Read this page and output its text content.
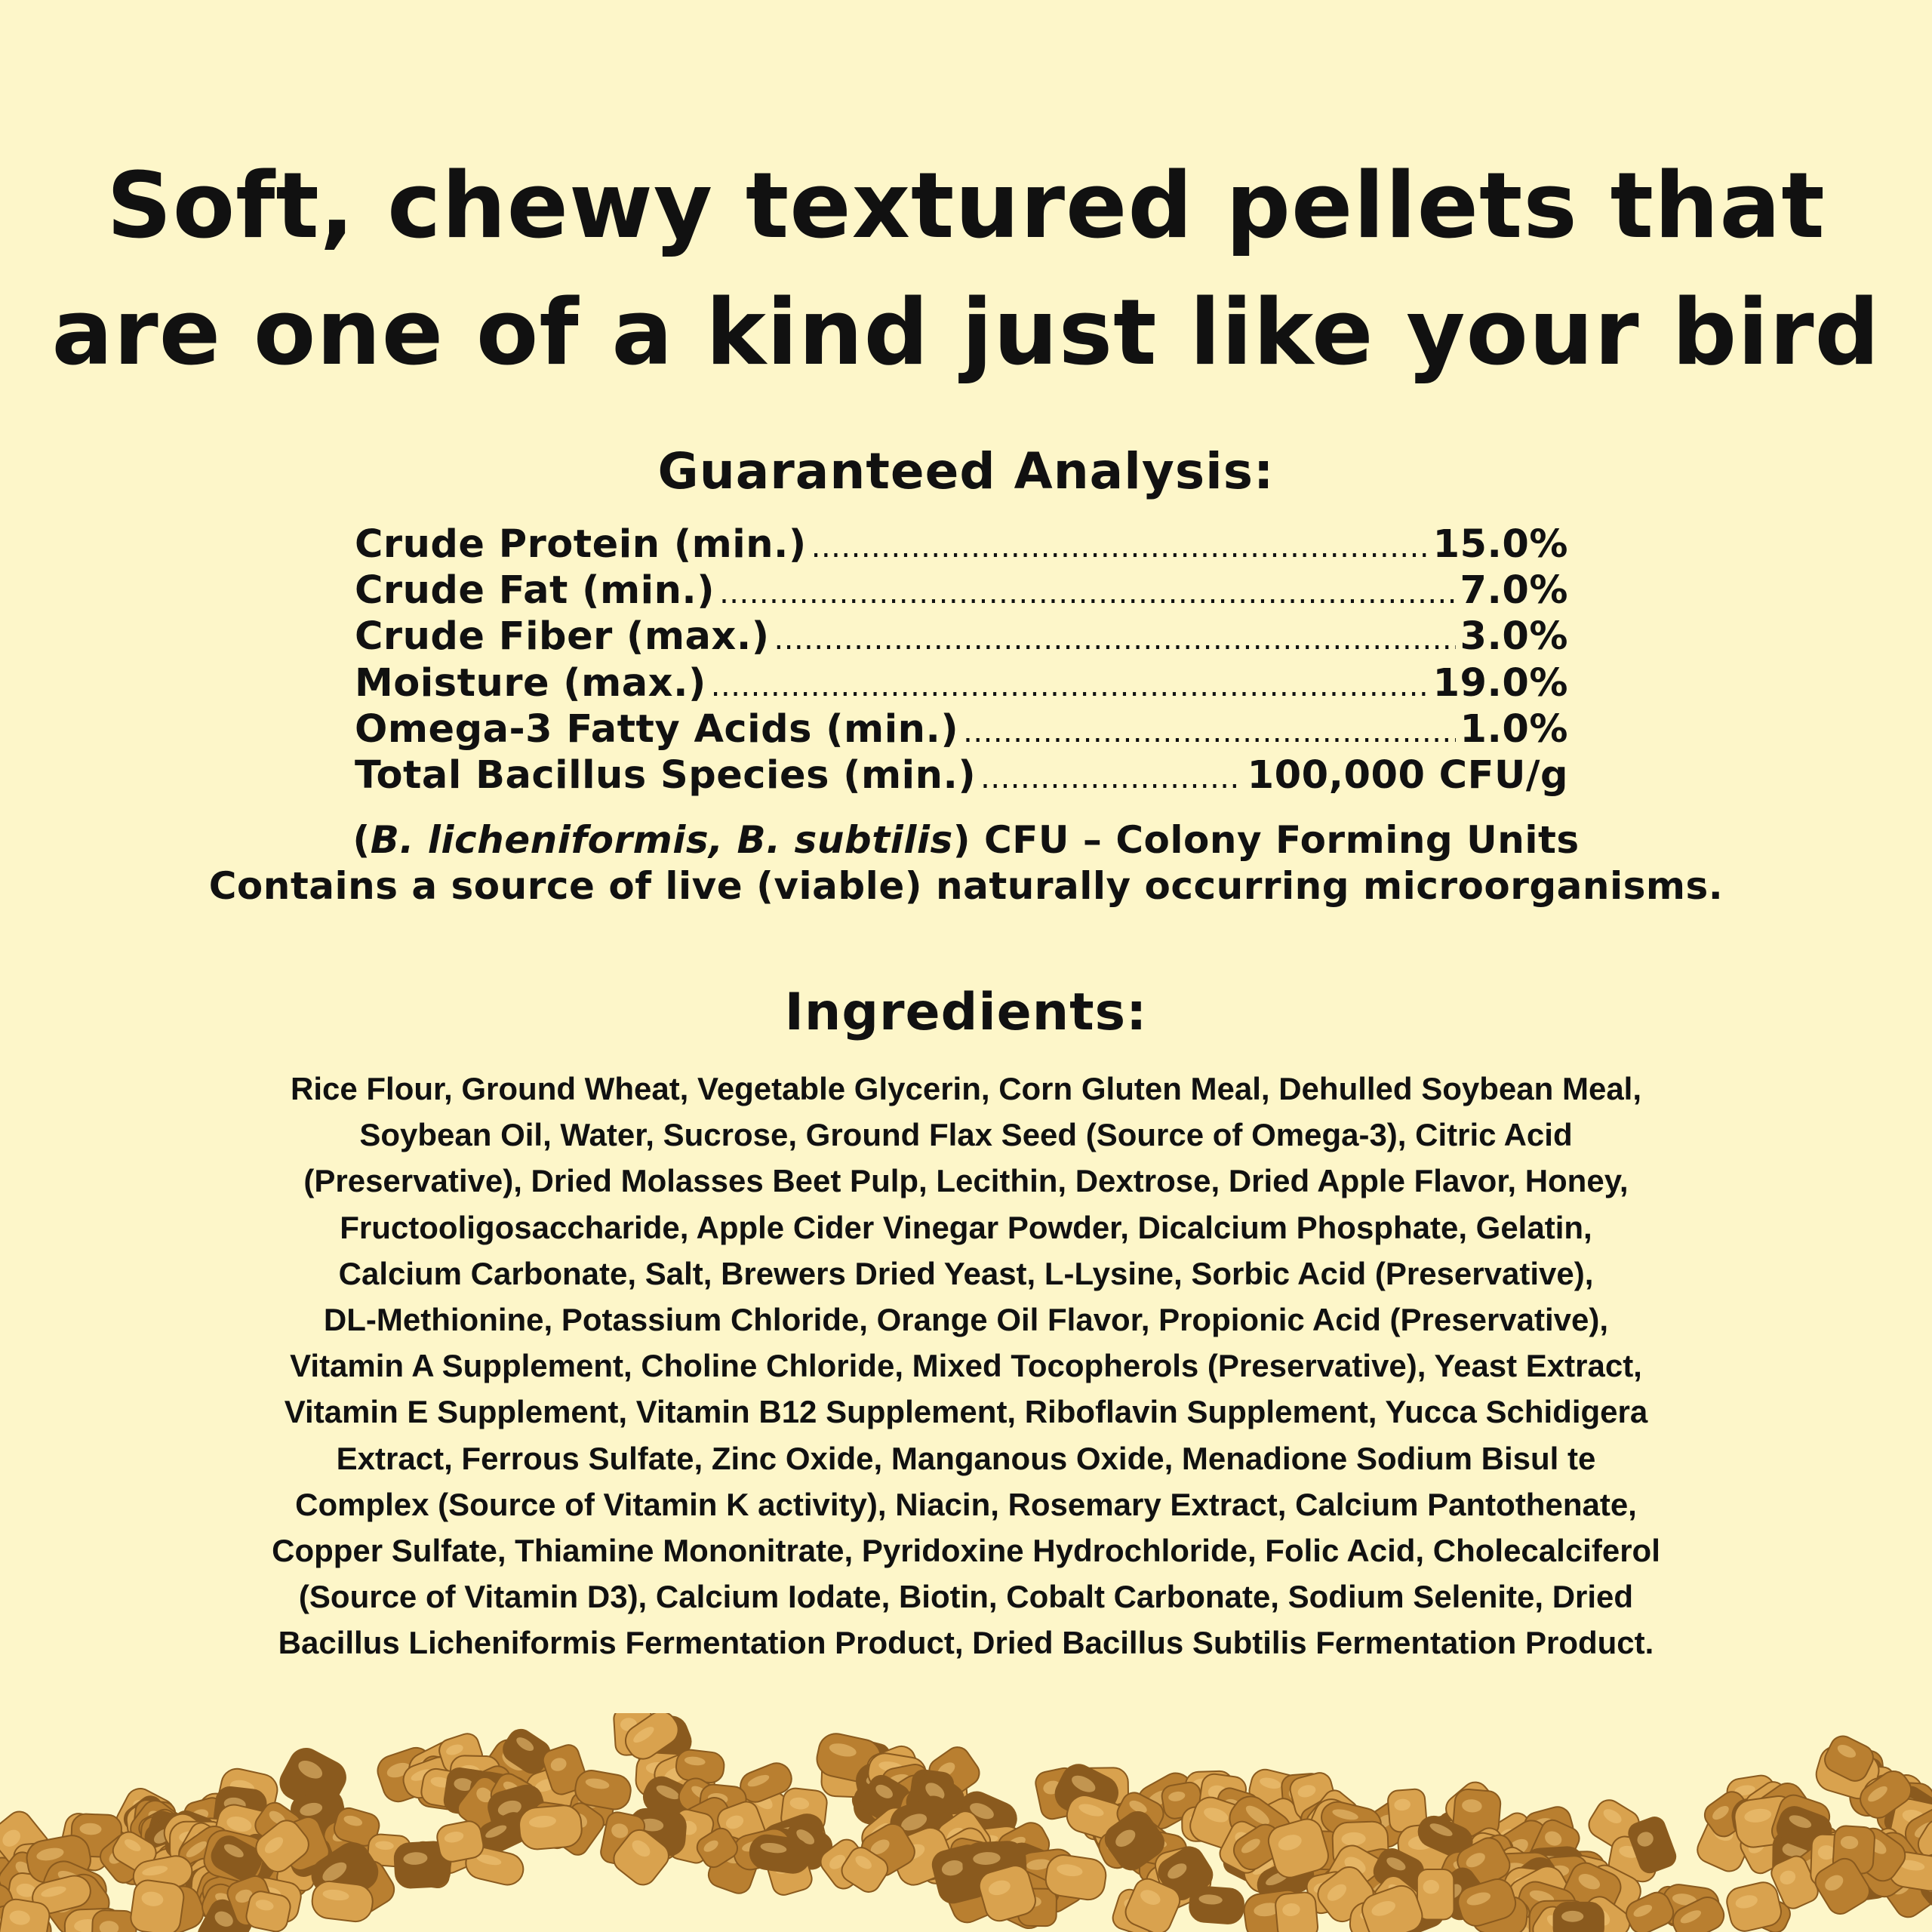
Soft, chewy textured pellets that
are one of a kind just like your bird
Guaranteed Analysis:
Crude Protein (min.) .....	15.0%
Crude Fat (min.) .....	7.0%
Crude Fiber (max.) .....	3.0%
Moisture (max.) .....	19.0%
Omega-3 Fatty Acids (min.) .....	1.0%
Total Bacillus Species (min.) .....	100,000 CFU/g

(B. licheniformis, B. subtilis) CFU – Colony Forming Units
Contains a source of live (viable) naturally occurring microorganisms.

Ingredients:

Rice Flour, Ground Wheat, Vegetable Glycerin, Corn Gluten Meal, Dehulled Soybean Meal,
Soybean Oil, Water, Sucrose, Ground Flax Seed (Source of Omega-3), Citric Acid
(Preservative), Dried Molasses Beet Pulp, Lecithin, Dextrose, Dried Apple Flavor, Honey,
Fructooligosaccharide, Apple Cider Vinegar Powder, Dicalcium Phosphate, Gelatin,
Calcium Carbonate, Salt, Brewers Dried Yeast, L-Lysine, Sorbic Acid (Preservative),
DL-Methionine, Potassium Chloride, Orange Oil Flavor, Propionic Acid (Preservative),
Vitamin A Supplement, Choline Chloride, Mixed Tocopherols (Preservative), Yeast Extract,
Vitamin E Supplement, Vitamin B12 Supplement, Riboflavin Supplement, Yucca Schidigera
Extract, Ferrous Sulfate, Zinc Oxide, Manganous Oxide, Menadione Sodium Bisul te
Complex (Source of Vitamin K activity), Niacin, Rosemary Extract, Calcium Pantothenate,
Copper Sulfate, Thiamine Mononitrate, Pyridoxine Hydrochloride, Folic Acid, Cholecalciferol
(Source of Vitamin D3), Calcium Iodate, Biotin, Cobalt Carbonate, Sodium Selenite, Dried
Bacillus Licheniformis Fermentation Product, Dried Bacillus Subtilis Fermentation Product.
